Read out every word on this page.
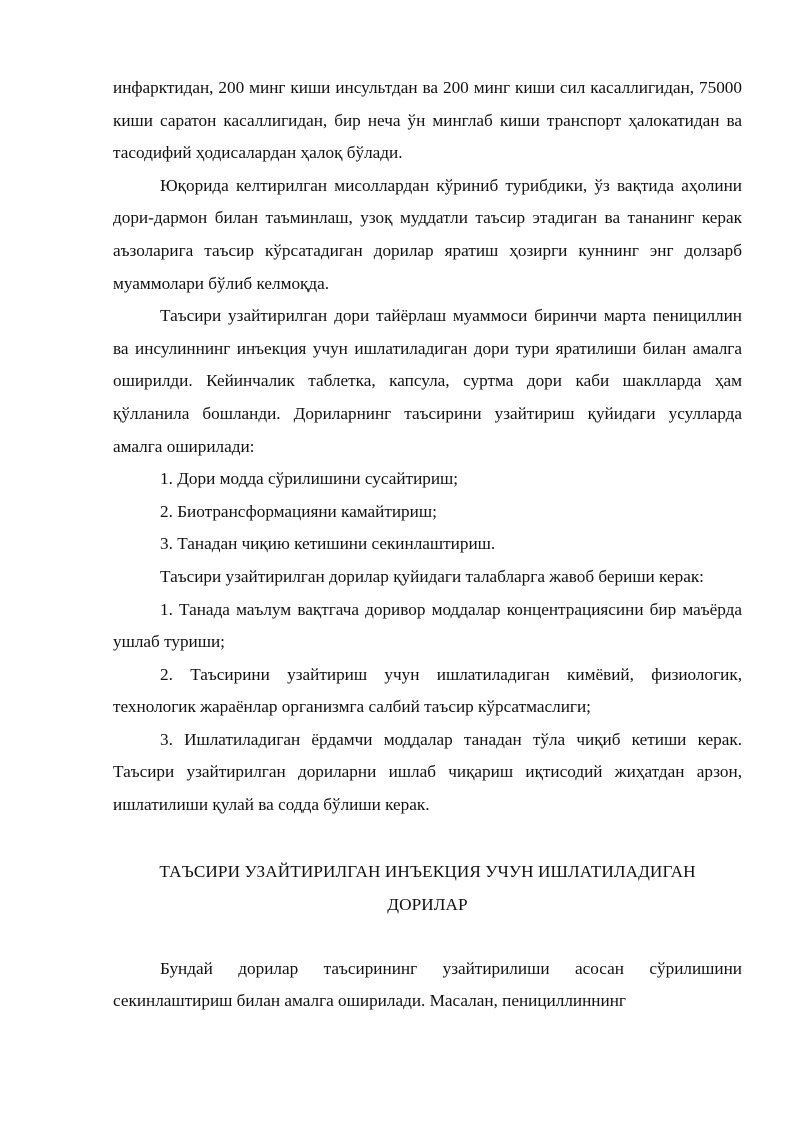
инфарктидан, 200 минг киши инсультдан ва 200 минг киши сил касаллигидан, 75000 киши саратон касаллигидан, бир неча ўн минглаб киши транспорт ҳалокатидан ва тасодифий ҳодисалардан ҳалоқ бўлади.

Юқорида келтирилган мисоллардан кўриниб турибдики, ўз вақтида аҳолини дори-дармон билан таъминлаш, узоқ муддатли таъсир этадиган ва тананинг керак аъзоларига таъсир кўрсатадиган дорилар яратиш ҳозирги куннинг энг долзарб муаммолари бўлиб келмоқда.

Таъсири узайтирилган дори тайёрлаш муаммоси биринчи марта пенициллин ва инсулиннинг инъекция учун ишлатиладиган дори тури яратилиши билан амалга оширилди. Кейинчалик таблетка, капсула, суртма дори каби шаклларда ҳам қўлланила бошланди. Дориларнинг таъсирини узайтириш қуйидаги усулларда амалга оширилади:

1. Дори модда сўрилишини сусайтириш;

2. Биотрансформацияни камайтириш;

3. Танадан чиқию кетишини секинлаштириш.

Таъсири узайтирилган дорилар қуйидаги талабларга жавоб бериши керак:

1. Танада маълум вақтгача доривор моддалар концентрациясини бир маъёрда ушлаб туриши;

2. Таъсирини узайтириш учун ишлатиладиган кимёвий, физиологик, технологик жараёнлар организмга салбий таъсир кўрсатмаслиги;

3. Ишлатиладиган ёрдамчи моддалар танадан тўла чиқиб кетиши керак. Таъсири узайтирилган дориларни ишлаб чиқариш иқтисодий жиҳатдан арзон, ишлатилиши қулай ва содда бўлиши керак.

ТАЪСИРИ УЗАЙТИРИЛГАН ИНЪЕКЦИЯ УЧУН ИШЛАТИЛАДИГАН
ДОРИЛАР

Бундай дорилар таъсирининг узайтирилиши асосан сўрилишини секинлаштириш билан амалга оширилади. Масалан, пенициллиннинг
